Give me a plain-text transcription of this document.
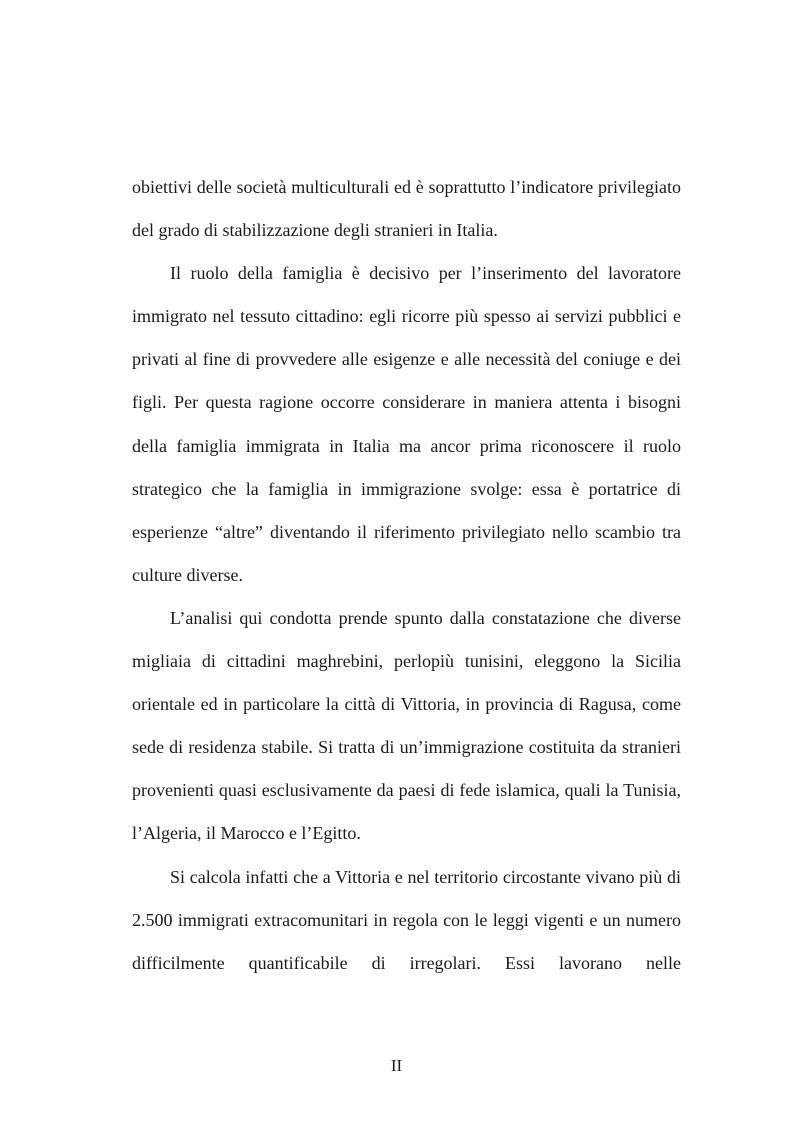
obiettivi delle società multiculturali ed è soprattutto l’indicatore privilegiato del grado di stabilizzazione degli stranieri in Italia.

Il ruolo della famiglia è decisivo per l’inserimento del lavoratore immigrato nel tessuto cittadino: egli ricorre più spesso ai servizi pubblici e privati al fine di provvedere alle esigenze e alle necessità del coniuge e dei figli. Per questa ragione occorre considerare in maniera attenta i bisogni della famiglia immigrata in Italia ma ancor prima riconoscere il ruolo strategico che la famiglia in immigrazione svolge: essa è portatrice di esperienze “altre” diventando il riferimento privilegiato nello scambio tra culture diverse.

L’analisi qui condotta prende spunto dalla constatazione che diverse migliaia di cittadini maghrebini, perlopiù tunisini, eleggono la Sicilia orientale ed in particolare la città di Vittoria, in provincia di Ragusa, come sede di residenza stabile. Si tratta di un’immigrazione costituita da stranieri provenienti quasi esclusivamente da paesi di fede islamica, quali la Tunisia, l’Algeria, il Marocco e l’Egitto.

Si calcola infatti che a Vittoria e nel territorio circostante vivano più di 2.500 immigrati extracomunitari in regola con le leggi vigenti e un numero difficilmente quantificabile di irregolari. Essi lavorano nelle

II
